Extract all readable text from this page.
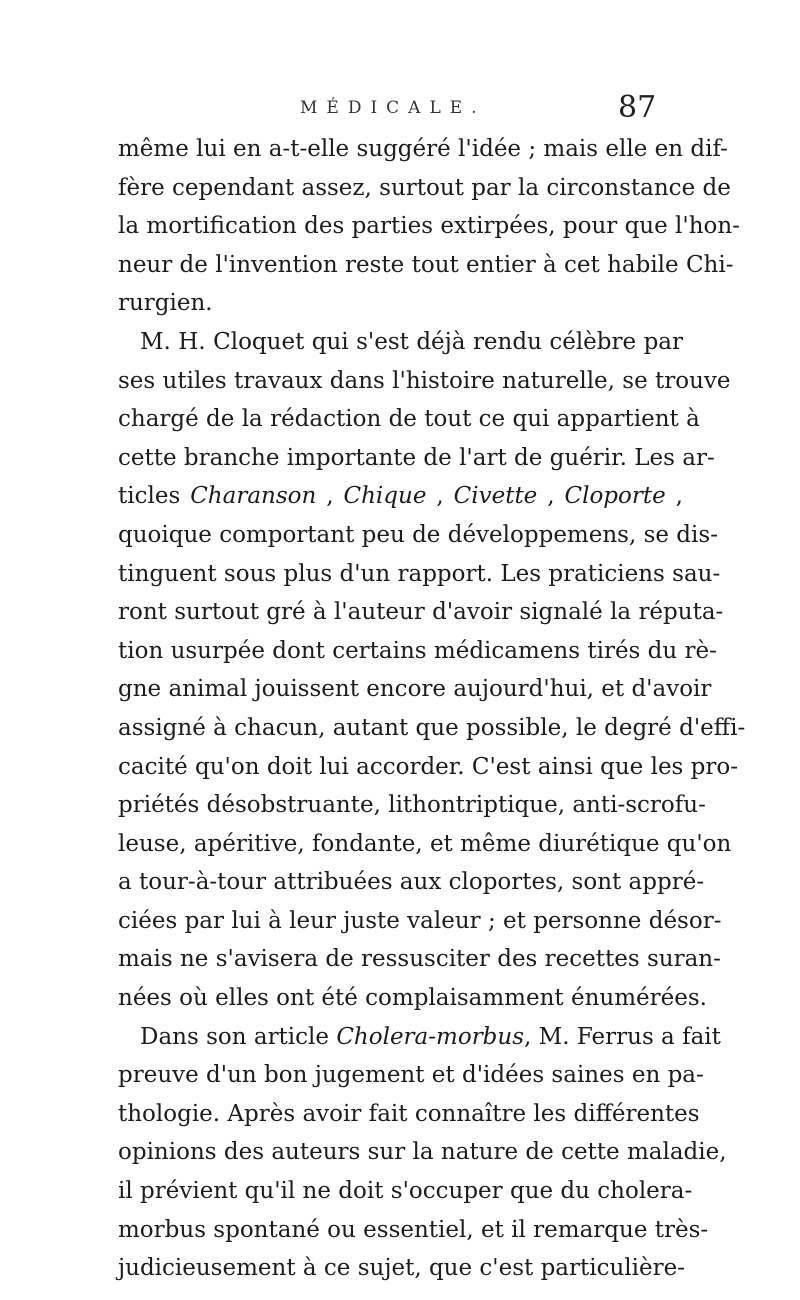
MÉDICALE.	87
même lui en a-t-elle suggéré l'idée ; mais elle en dif-
fère cependant assez, surtout par la circonstance de
la mortification des parties extirpées, pour que l'hon-
neur de l'invention reste tout entier à cet habile Chi-
rurgien.
M. H. Cloquet qui s'est déjà rendu célèbre par
ses utiles travaux dans l'histoire naturelle, se trouve
chargé de la rédaction de tout ce qui appartient à
cette branche importante de l'art de guérir. Les ar-
ticles Charanson , Chique , Civette , Cloporte ,
quoique comportant peu de développemens, se dis-
tinguent sous plus d'un rapport. Les praticiens sau-
ront surtout gré à l'auteur d'avoir signalé la réputa-
tion usurpée dont certains médicamens tirés du rè-
gne animal jouissent encore aujourd'hui, et d'avoir
assigné à chacun, autant que possible, le degré d'effi-
cacité qu'on doit lui accorder. C'est ainsi que les pro-
priétés désobstruante, lithontriptique, anti-scrofu-
leuse, apéritive, fondante, et même diurétique qu'on
a tour-à-tour attribuées aux cloportes, sont appré-
ciées par lui à leur juste valeur ; et personne désor-
mais ne s'avisera de ressusciter des recettes suran-
nées où elles ont été complaisamment énumérées.
Dans son article Cholera-morbus, M. Ferrus a fait
preuve d'un bon jugement et d'idées saines en pa-
thologie. Après avoir fait connaître les différentes
opinions des auteurs sur la nature de cette maladie,
il prévient qu'il ne doit s'occuper que du cholera-
morbus spontané ou essentiel, et il remarque très-
judicieusement à ce sujet, que c'est particulière-
